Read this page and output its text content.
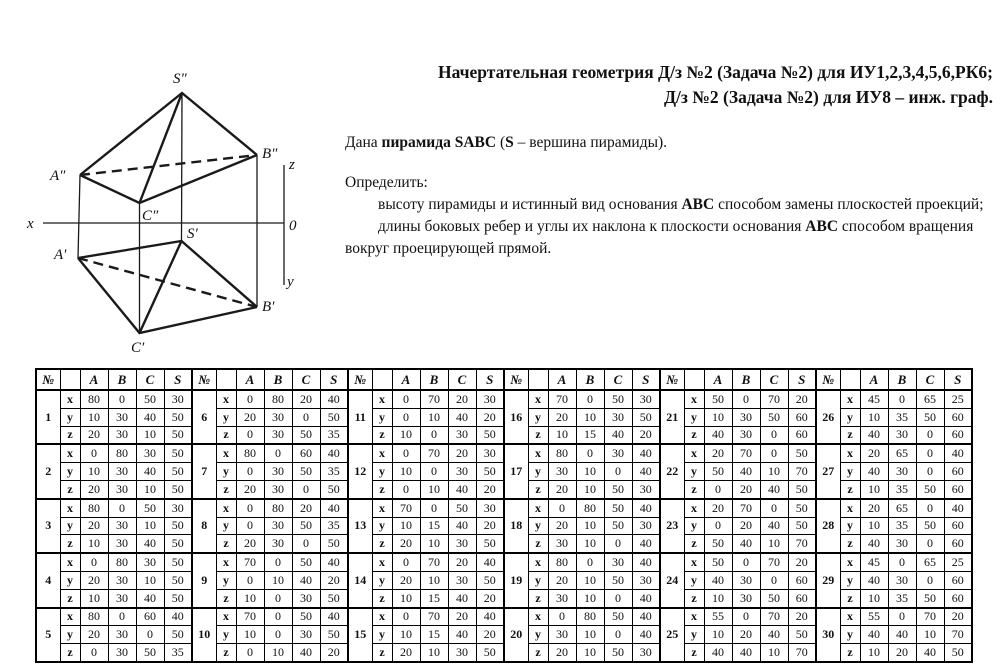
S″
A″
B″
C″
S′
A′
B′
C′
x
z
0
y
Начертательная геометрия Д/з №2 (Задача №2) для ИУ1,2,3,4,5,6,РК6;
Д/з №2 (Задача №2) для ИУ8 – инж. граф.

Дана пирамида SABC (S – вершина пирамиды).

Определить:

высоту пирамиды и истинный вид основания АВС способом замены плоскостей проекций;

длины боковых ребер и углы их наклона к плоскости основания АВС способом вращения вокруг проецирующей прямой.

№		A	B	C	S
1	x	80	0	50	30
	y	10	30	40	50
	z	20	30	10	50
2	x	0	80	30	50
	y	10	30	40	50
	z	20	30	10	50
3	x	80	0	50	30
	y	20	30	10	50
	z	10	30	40	50
4	x	0	80	30	50
	y	20	30	10	50
	z	10	30	40	50
5	x	80	0	60	40
	y	20	30	0	50
	z	0	30	50	35
№		A	B	C	S
6	x	0	80	20	40
	y	20	30	0	50
	z	0	30	50	35
7	x	80	0	60	40
	y	0	30	50	35
	z	20	30	0	50
8	x	0	80	20	40
	y	0	30	50	35
	z	20	30	0	50
9	x	70	0	50	40
	y	0	10	40	20
	z	10	0	30	50
10	x	70	0	50	40
	y	10	0	30	50
	z	0	10	40	20
№		A	B	C	S
11	x	0	70	20	30
	y	0	10	40	20
	z	10	0	30	50
12	x	0	70	20	30
	y	10	0	30	50
	z	0	10	40	20
13	x	70	0	50	30
	y	10	15	40	20
	z	20	10	30	50
14	x	0	70	20	40
	y	20	10	30	50
	z	10	15	40	20
15	x	0	70	20	40
	y	10	15	40	20
	z	20	10	30	50
№		A	B	C	S
16	x	70	0	50	30
	y	20	10	30	50
	z	10	15	40	20
17	x	80	0	30	40
	y	30	10	0	40
	z	20	10	50	30
18	x	0	80	50	40
	y	20	10	50	30
	z	30	10	0	40
19	x	80	0	30	40
	y	20	10	50	30
	z	30	10	0	40
20	x	0	80	50	40
	y	30	10	0	40
	z	20	10	50	30
№		A	B	C	S
21	x	50	0	70	20
	y	10	30	50	60
	z	40	30	0	60
22	x	20	70	0	50
	y	50	40	10	70
	z	0	20	40	50
23	x	20	70	0	50
	y	0	20	40	50
	z	50	40	10	70
24	x	50	0	70	20
	y	40	30	0	60
	z	10	30	50	60
25	x	55	0	70	20
	y	10	20	40	50
	z	40	40	10	70
№		A	B	C	S
26	x	45	0	65	25
	y	10	35	50	60
	z	40	30	0	60
27	x	20	65	0	40
	y	40	30	0	60
	z	10	35	50	60
28	x	20	65	0	40
	y	10	35	50	60
	z	40	30	0	60
29	x	45	0	65	25
	y	40	30	0	60
	z	10	35	50	60
30	x	55	0	70	20
	y	40	40	10	70
	z	10	20	40	50
